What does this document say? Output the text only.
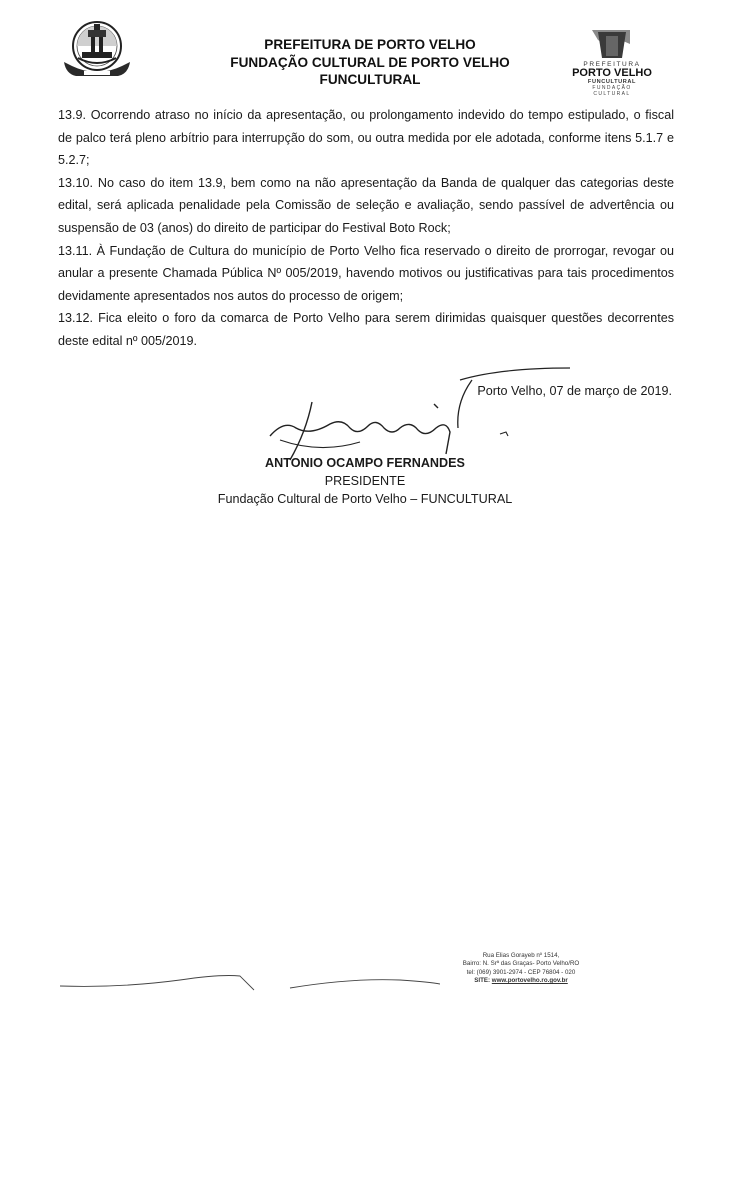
PREFEITURA DE PORTO VELHO
FUNDAÇÃO CULTURAL DE PORTO VELHO
FUNCULTURAL
PREFEITURA
PORTO VELHO
FUNCULTURAL
FUNDAÇÃO
CULTURAL

13.9. Ocorrendo atraso no início da apresentação, ou prolongamento indevido do tempo estipulado, o fiscal de palco terá pleno arbítrio para interrupção do som, ou outra medida por ele adotada, conforme itens 5.1.7 e 5.2.7;

13.10. No caso do item 13.9, bem como na não apresentação da Banda de qualquer das categorias deste edital, será aplicada penalidade pela Comissão de seleção e avaliação, sendo passível de advertência ou suspensão de 03 (anos) do direito de participar do Festival Boto Rock;

13.11. À Fundação de Cultura do município de Porto Velho fica reservado o direito de prorrogar, revogar ou anular a presente Chamada Pública Nº 005/2019, havendo motivos ou justificativas para tais procedimentos devidamente apresentados nos autos do processo de origem;

13.12. Fica eleito o foro da comarca de Porto Velho para serem dirimidas quaisquer questões decorrentes deste edital nº 005/2019.

Porto Velho, 07 de março de 2019.
ANTONIO OCAMPO FERNANDES
PRESIDENTE
Fundação Cultural de Porto Velho – FUNCULTURAL
Rua Elias Gorayeb nº 1514,
Bairro: N. Srª das Graças- Porto Velho/RO
tel: (069) 3901-2974 - CEP 76804 - 020
SITE: www.portovelho.ro.gov.br
